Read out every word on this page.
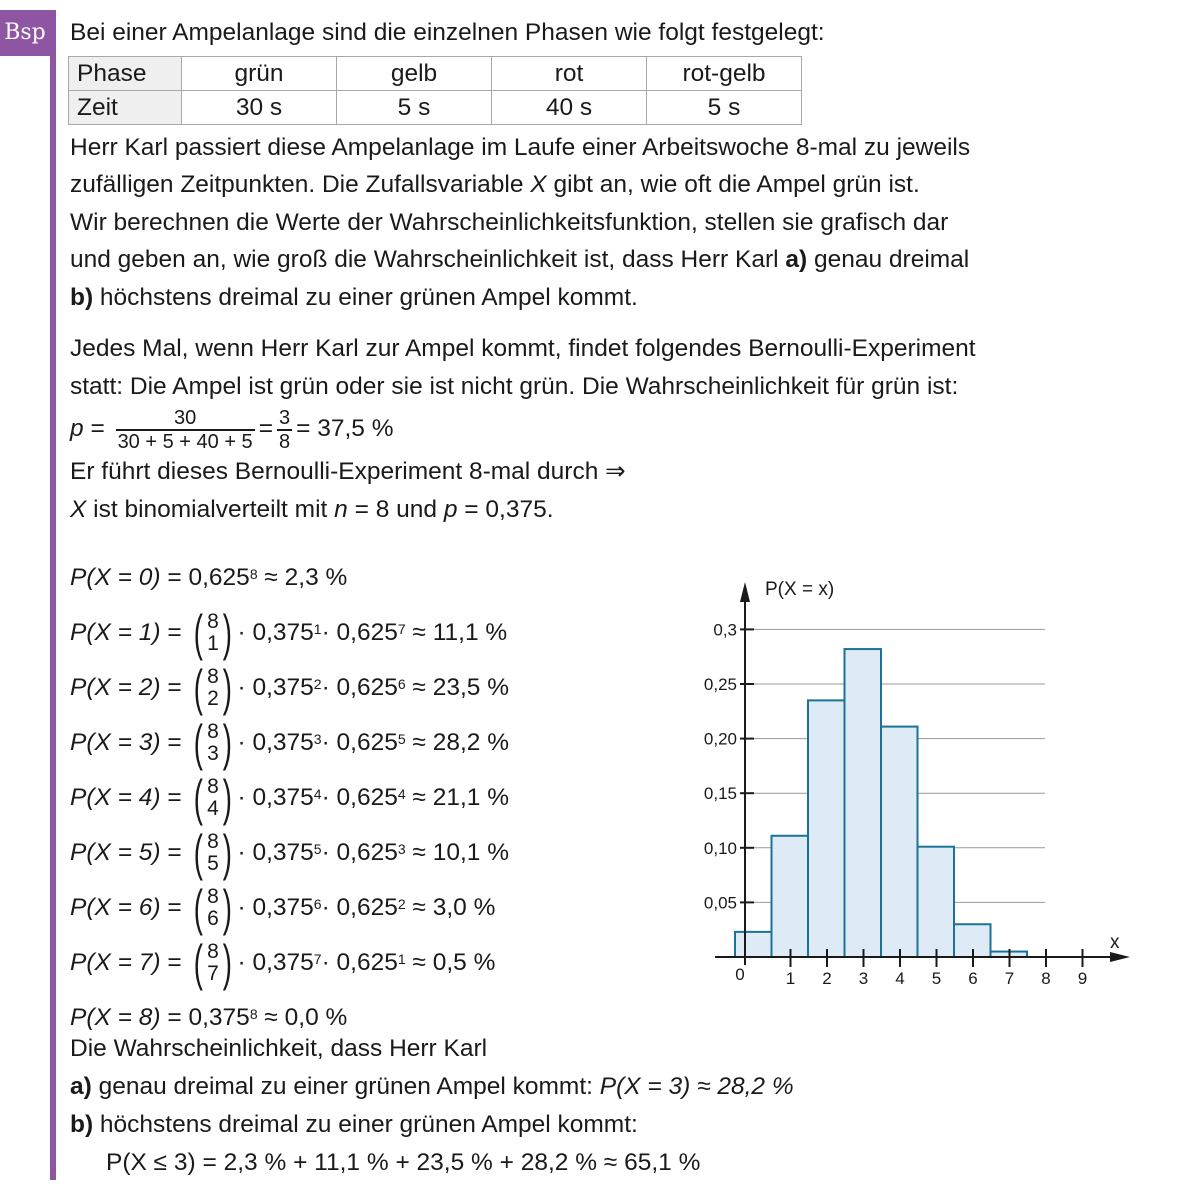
Bsp Bei einer Ampelanlage sind die einzelnen Phasen wie folgt festgelegt:
Phase	grün	gelb	rot	rot-gelb
Zeit	30 s	5 s	40 s	5 s
Herr Karl passiert diese Ampelanlage im Laufe einer Arbeitswoche 8-mal zu jeweils
zufälligen Zeitpunkten. Die Zufallsvariable X gibt an, wie oft die Ampel grün ist.
Wir berechnen die Werte der Wahrscheinlichkeitsfunktion, stellen sie grafisch dar
und geben an, wie groß die Wahrscheinlichkeit ist, dass Herr Karl a) genau dreimal
b) höchstens dreimal zu einer grünen Ampel kommt.
Jedes Mal, wenn Herr Karl zur Ampel kommt, findet folgendes Bernoulli-Experiment
statt: Die Ampel ist grün oder sie ist nicht grün. Die Wahrscheinlichkeit für grün ist:
$p = \frac{30}{30 + 5 + 40 + 5} = \frac{3}{8} = 37,5$ %
Er führt dieses Bernoulli-Experiment 8-mal durch ⇒
X ist binomialverteilt mit n = 8 und p = 0,375.
P(X = 0)
= $0,625^8 \approx 2,3$ %
P(X = 1) = ( 8
1 ) · $0,375^1 \cdot 0,625^7 \approx 11,1$ %
P(X = 2) = ( 8
2 ) · $0,375^2 \cdot 0,625^6 \approx 23,5$ %
P(X = 3) = ( 8
3 ) · $0,375^3 \cdot 0,625^5 \approx 28,2$ %
P(X = 4) = ( 8
4 ) · $0,375^4 \cdot 0,625^4 \approx 21,1$ %
P(X = 5) = ( 8
5 ) · $0,375^5 \cdot 0,625^3 \approx 10,1$ %
P(X = 6) = ( 8
6 ) · $0,375^6 \cdot 0,625^2 \approx 3,0$ %
P(X = 7) = ( 8
7 ) · $0,375^7 \cdot 0,625^1 \approx 0,5$ %
P(X = 8)
= $0,375^8 \approx 0,0$ %
0,05
0,10
0,15
0,20
0,25
0,3
0 1 2 3 4 5 6 7 8 9
P(X = x)
x
Die Wahrscheinlichkeit, dass Herr Karl
a) genau dreimal zu einer grünen Ampel kommt: P(X = 3) ≈ 28,2 %
b) höchstens dreimal zu einer grünen Ampel kommt:
P(X ≤ 3) = 2,3 % + 11,1 % + 23,5 % + 28,2 % ≈ 65,1 %
